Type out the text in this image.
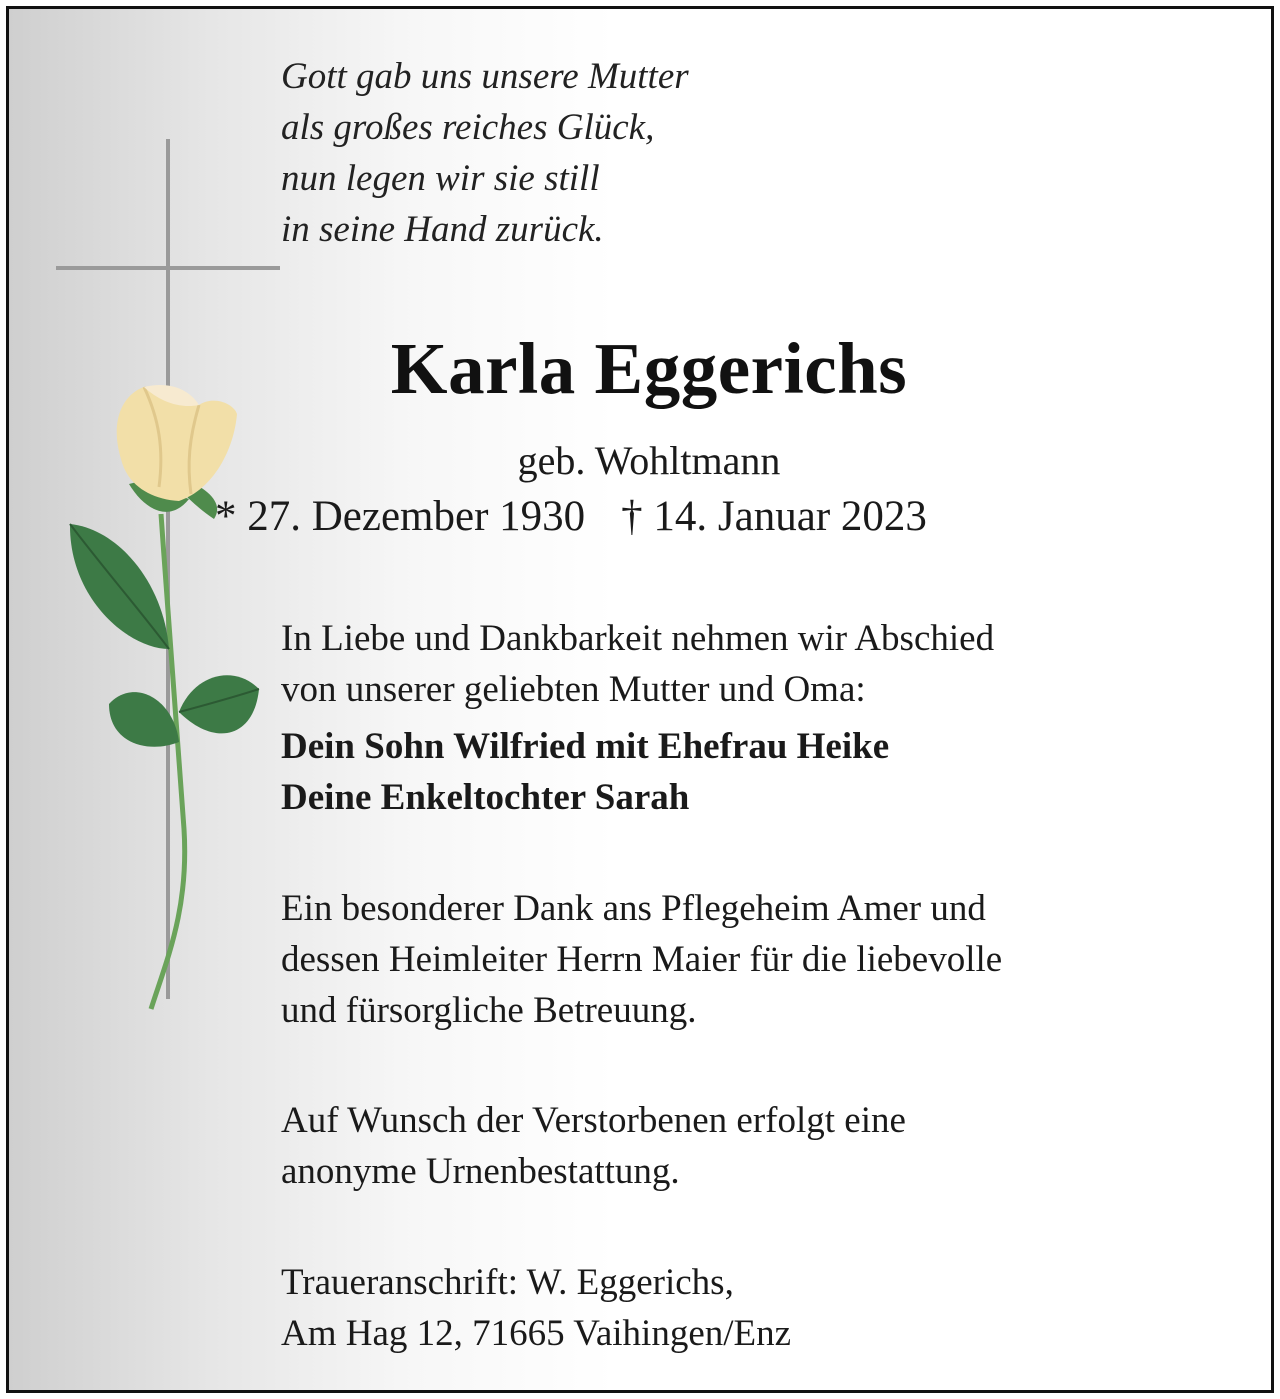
Gott gab uns unsere Mutter
als großes reiches Glück,
nun legen wir sie still
in seine Hand zurück.
Karla Eggerichs
geb. Wohltmann
* 27. Dezember 1930 † 14. Januar 2023
In Liebe und Dankbarkeit nehmen wir Abschied
von unserer geliebten Mutter und Oma:
Dein Sohn Wilfried mit Ehefrau Heike
Deine Enkeltochter Sarah
Ein besonderer Dank ans Pflegeheim Amer und
dessen Heimleiter Herrn Maier für die liebevolle
und fürsorgliche Betreuung.
Auf Wunsch der Verstorbenen erfolgt eine
anonyme Urnenbestattung.
Traueranschrift: W. Eggerichs,
Am Hag 12, 71665 Vaihingen/Enz
